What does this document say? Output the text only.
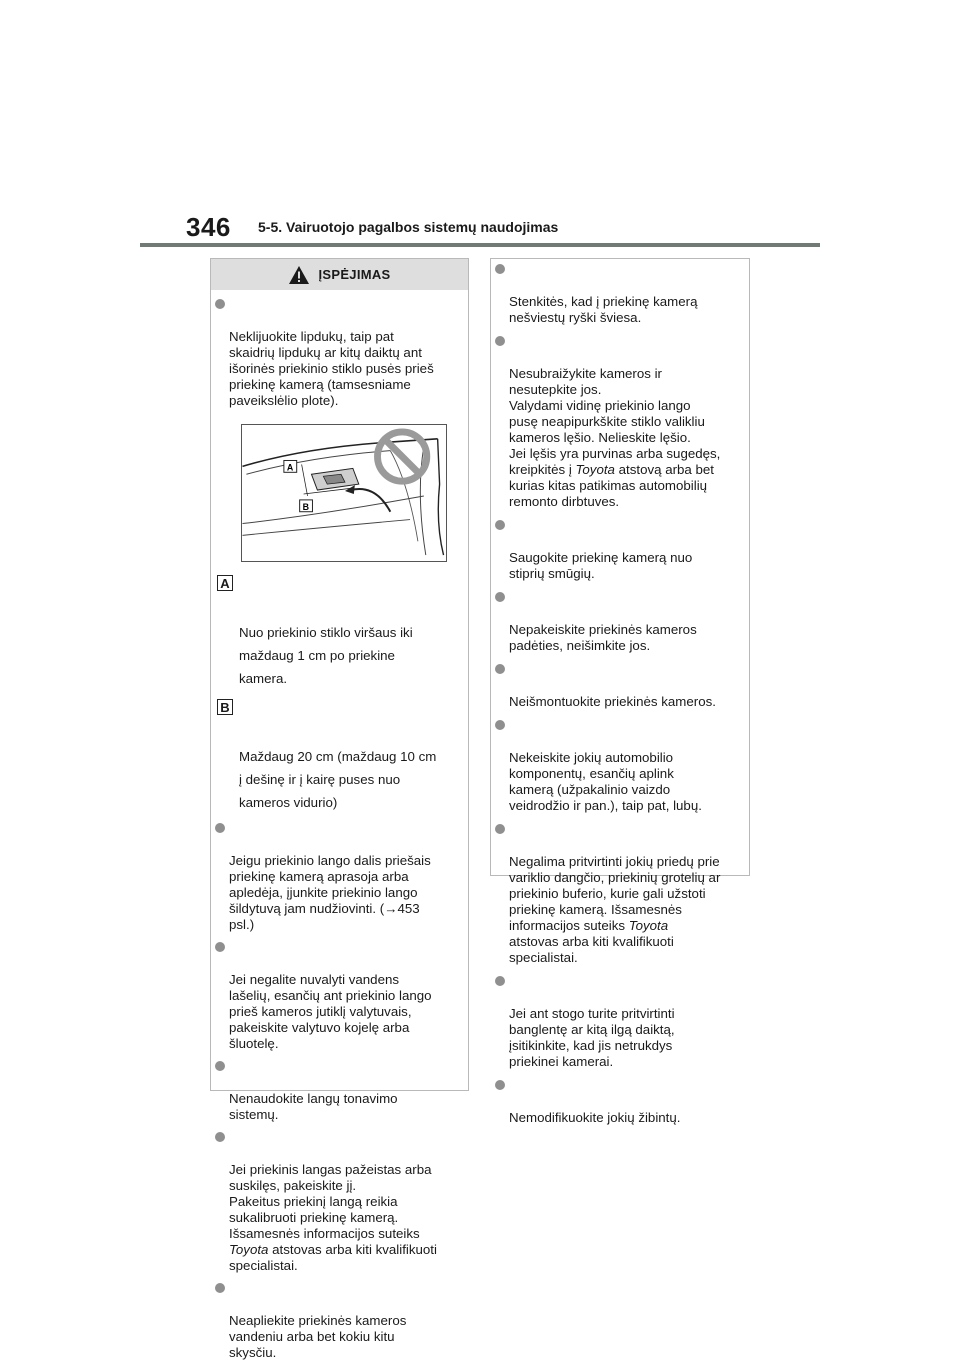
346 5-5. Vairuotojo pagalbos sistemų naudojimas
ĮSPĖJIMAS

Neklijuokite lipdukų, taip pat
skaidrių lipdukų ar kitų daiktų ant
išorinės priekinio stiklo pusės prieš
priekinę kamerą (tamsesniame
paveikslėlio plote).

A
B

A

Nuo priekinio stiklo viršaus iki
maždaug 1 cm po priekine
kamera.

B

Maždaug 20 cm (maždaug 10 cm
į dešinę ir į kairę puses nuo
kameros vidurio)

Jeigu priekinio lango dalis priešais
priekinę kamerą aprasoja arba
apledėja, įjunkite priekinio lango
šildytuvą jam nudžiovinti. (→453
psl.)

Jei negalite nuvalyti vandens
lašelių, esančių ant priekinio lango
prieš kameros jutiklį valytuvais,
pakeiskite valytuvo kojelę arba
šluotelę.

Nenaudokite langų tonavimo
sistemų.

Jei priekinis langas pažeistas arba
suskilęs, pakeiskite jį.
Pakeitus priekinį langą reikia
sukalibruoti priekinę kamerą.
Išsamesnės informacijos suteiks
Toyota atstovas arba kiti kvalifikuoti
specialistai.

Neapliekite priekinės kameros
vandeniu arba bet kokiu kitu
skysčiu.

Stenkitės, kad į priekinę kamerą
nešviestų ryški šviesa.

Nesubraižykite kameros ir
nesutepkite jos.
Valydami vidinę priekinio lango
pusę neapipurkškite stiklo valikliu
kameros lęšio. Nelieskite lęšio.
Jei lęšis yra purvinas arba sugedęs,
kreipkitės į Toyota atstovą arba bet
kurias kitas patikimas automobilių
remonto dirbtuves.

Saugokite priekinę kamerą nuo
stiprių smūgių.

Nepakeiskite priekinės kameros
padėties, neišimkite jos.

Neišmontuokite priekinės kameros.

Nekeiskite jokių automobilio
komponentų, esančių aplink
kamerą (užpakalinio vaizdo
veidrodžio ir pan.), taip pat, lubų.

Negalima pritvirtinti jokių priedų prie
variklio dangčio, priekinių grotelių ar
priekinio buferio, kurie gali užstoti
priekinę kamerą. Išsamesnės
informacijos suteiks Toyota
atstovas arba kiti kvalifikuoti
specialistai.

Jei ant stogo turite pritvirtinti
banglentę ar kitą ilgą daiktą,
įsitikinkite, kad jis netrukdys
priekinei kamerai.

Nemodifikuokite jokių žibintų.
